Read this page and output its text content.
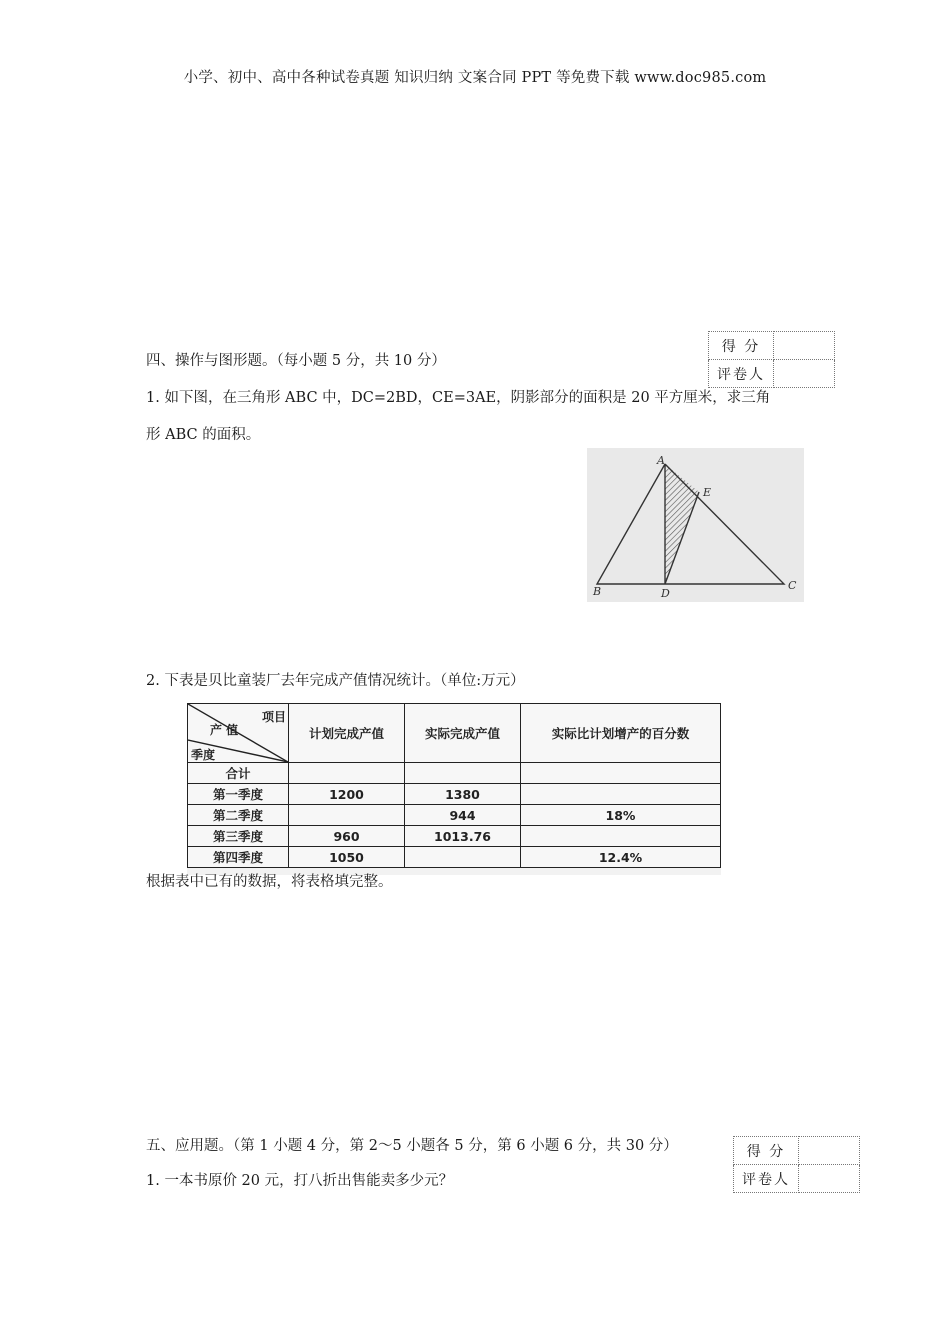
小学、初中、高中各种试卷真题 知识归纳 文案合同 PPT 等免费下载 www.doc985.com
得 分	
评卷人	
四、操作与图形题。（每小题 5 分，共 10 分）
1. 如下图，在三角形 ABC 中，DC=2BD，CE=3AE，阴影部分的面积是 20 平方厘米，求三角
形 ABC 的面积。
A
E
B	D
C
2. 下表是贝比童装厂去年完成产值情况统计。（单位:万元）
项目
产 值
季度	计划完成产值	实际完成产值	实际比计划增产的百分数
合计			
第一季度	1200	1380	
第二季度		944	18%
第三季度	960	1013.76	
第四季度	1050		12.4%
根据表中已有的数据，将表格填完整。
得 分	
评卷人	
五、应用题。（第 1 小题 4 分，第 2～5 小题各 5 分，第 6 小题 6 分，共 30 分）
1. 一本书原价 20 元，打八折出售能卖多少元？
